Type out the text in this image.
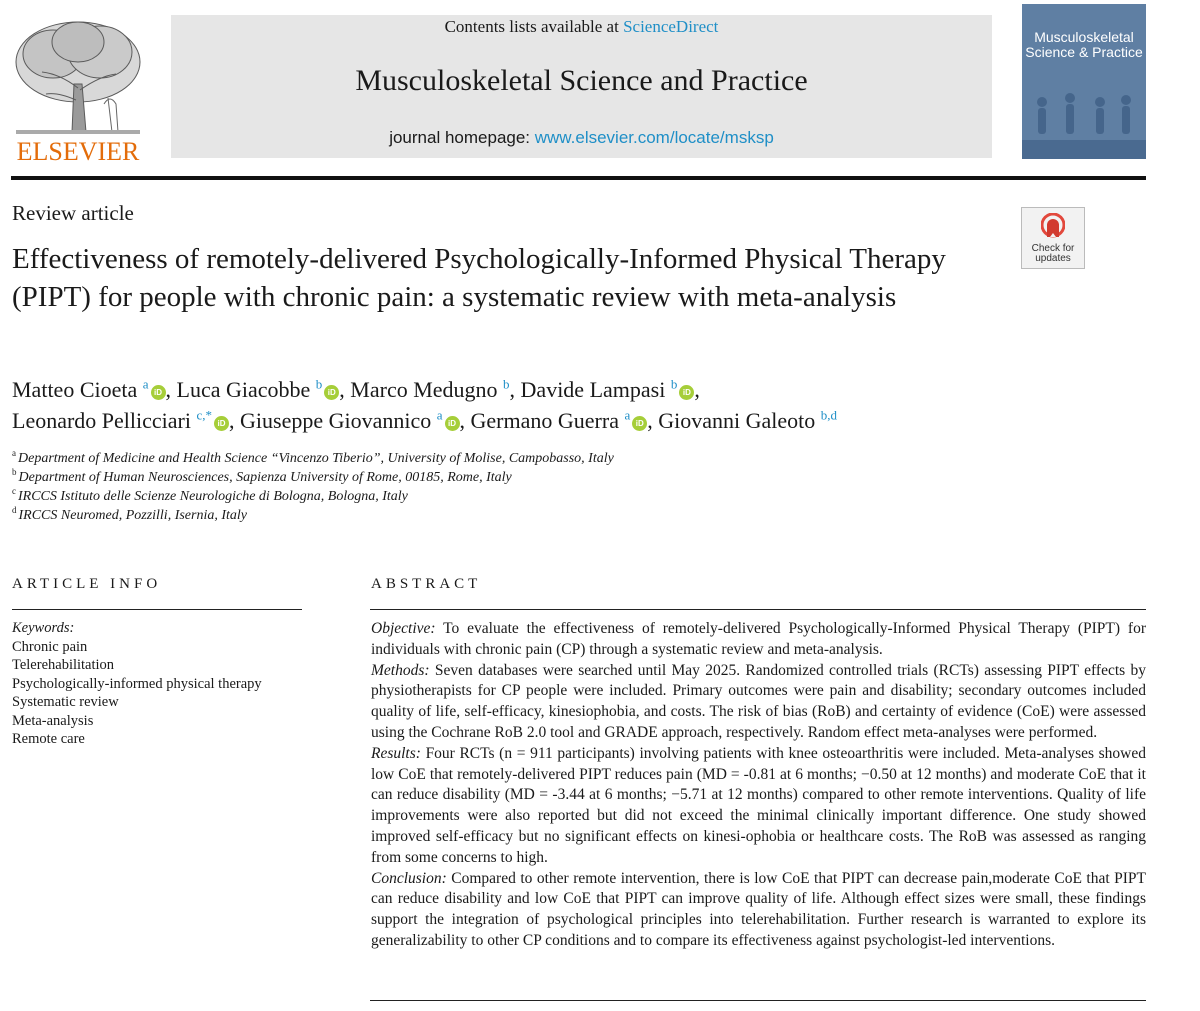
ELSEVIER
Contents lists available at ScienceDirect
Musculoskeletal Science and Practice
journal homepage: www.elsevier.com/locate/msksp
Musculoskeletal
Science & Practice
Review article
Check for
updates
Effectiveness of remotely-delivered Psychologically-Informed Physical Therapy (PIPT) for people with chronic pain: a systematic review with meta-analysis
Matteo Cioeta $^a$iD , Luca Giacobbe $^b$iD , Marco Medugno $^b$, Davide Lampasi $^b$iD ,
Leonardo Pellicciari $^{c,*}$iD , Giuseppe Giovannico $^a$iD , Germano Guerra $^a$iD , Giovanni Galeoto $^{b,d}$
$^a$ Department of Medicine and Health Science “Vincenzo Tiberio”, University of Molise, Campobasso, Italy
$^b$ Department of Human Neurosciences, Sapienza University of Rome, 00185, Rome, Italy
$^c$ IRCCS Istituto delle Scienze Neurologiche di Bologna, Bologna, Italy
$^d$ IRCCS Neuromed, Pozzilli, Isernia, Italy
ARTICLE INFO
Keywords:
Chronic pain
Telerehabilitation
Psychologically-informed physical therapy
Systematic review
Meta-analysis
Remote care
ABSTRACT

Objective: To evaluate the effectiveness of remotely-delivered Psychologically-Informed Physical Therapy (PIPT) for individuals with chronic pain (CP) through a systematic review and meta-analysis.

Methods: Seven databases were searched until May 2025. Randomized controlled trials (RCTs) assessing PIPT effects by physiotherapists for CP people were included. Primary outcomes were pain and disability; secondary outcomes included quality of life, self-efficacy, kinesiophobia, and costs. The risk of bias (RoB) and certainty of evidence (CoE) were assessed using the Cochrane RoB 2.0 tool and GRADE approach, respectively. Random effect meta-analyses were performed.

Results: Four RCTs (n = 911 participants) involving patients with knee osteoarthritis were included. Meta-analyses showed low CoE that remotely-delivered PIPT reduces pain (MD = -0.81 at 6 months; −0.50 at 12 months) and moderate CoE that it can reduce disability (MD = -3.44 at 6 months; −5.71 at 12 months) compared to other remote interventions. Quality of life improvements were also reported but did not exceed the minimal clinically important difference. One study showed improved self-efficacy but no significant effects on kinesi-ophobia or healthcare costs. The RoB was assessed as ranging from some concerns to high.

Conclusion: Compared to other remote intervention, there is low CoE that PIPT can decrease pain,moderate CoE that PIPT can reduce disability and low CoE that PIPT can improve quality of life. Although effect sizes were small, these findings support the integration of psychological principles into telerehabilitation. Further research is warranted to explore its generalizability to other CP conditions and to compare its effectiveness against psychologist-led interventions.
